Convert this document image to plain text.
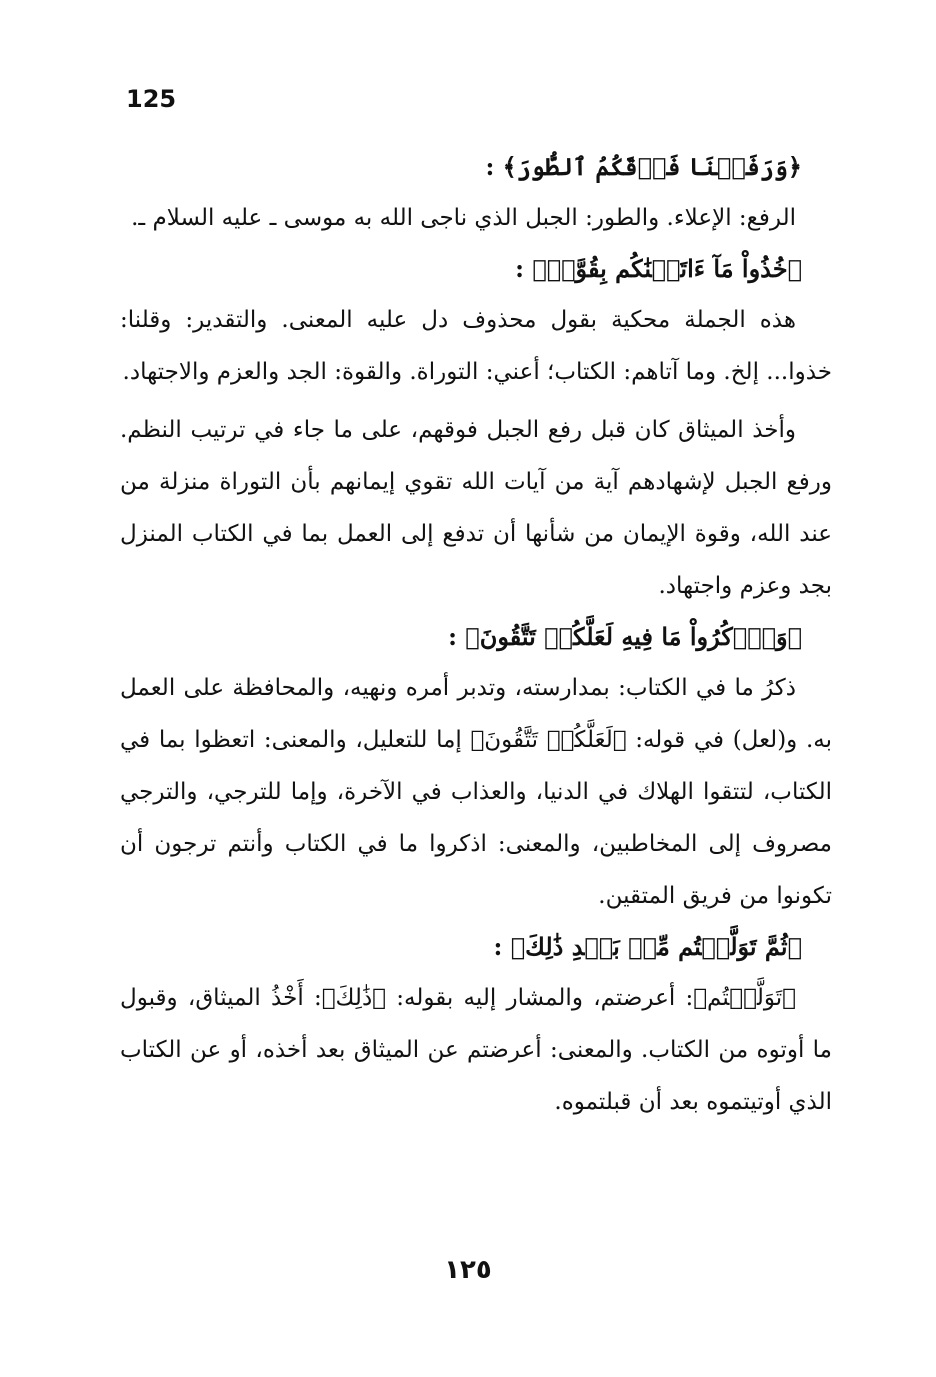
125
﴿وَرَفَعۡنَا فَوۡقَكُمُ ٱلطُّورَ﴾ :

الرفع: الإعلاء. والطور: الجبل الذي ناجى الله به موسى ـ عليه السلام ـ.

﴿خُذُواْ مَآ ءَاتَيۡنَٰكُم بِقُوَّةٖ﴾ :

هذه الجملة محكية بقول محذوف دل عليه المعنى. والتقدير: وقلنا: خذوا... إلخ. وما آتاهم: الكتاب؛ أعني: التوراة. والقوة: الجد والعزم والاجتهاد.

وأخذ الميثاق كان قبل رفع الجبل فوقهم، على ما جاء في ترتيب النظم. ورفع الجبل لإشهادهم آية من آيات الله تقوي إيمانهم بأن التوراة منزلة من عند الله، وقوة الإيمان من شأنها أن تدفع إلى العمل بما في الكتاب المنزل بجد وعزم واجتهاد.

﴿وَٱذۡكُرُواْ مَا فِيهِ لَعَلَّكُمۡ تَتَّقُونَ﴾ :

ذكرُ ما في الكتاب: بمدارسته، وتدبر أمره ونهيه، والمحافظة على العمل به. و(لعل) في قوله: ﴿لَعَلَّكُمۡ تَتَّقُونَ﴾ إما للتعليل، والمعنى: اتعظوا بما في الكتاب، لتتقوا الهلاك في الدنيا، والعذاب في الآخرة، وإما للترجي، والترجي مصروف إلى المخاطبين، والمعنى: اذكروا ما في الكتاب وأنتم ترجون أن تكونوا من فريق المتقين.

﴿ثُمَّ تَوَلَّيۡتُم مِّنۢ بَعۡدِ ذَٰلِكَ﴾ :

﴿تَوَلَّيۡتُم﴾: أعرضتم، والمشار إليه بقوله: ﴿ذَٰلِكَ﴾: أَخْذُ الميثاق، وقبول ما أوتوه من الكتاب. والمعنى: أعرضتم عن الميثاق بعد أخذه، أو عن الكتاب الذي أوتيتموه بعد أن قبلتموه.

١٢٥
